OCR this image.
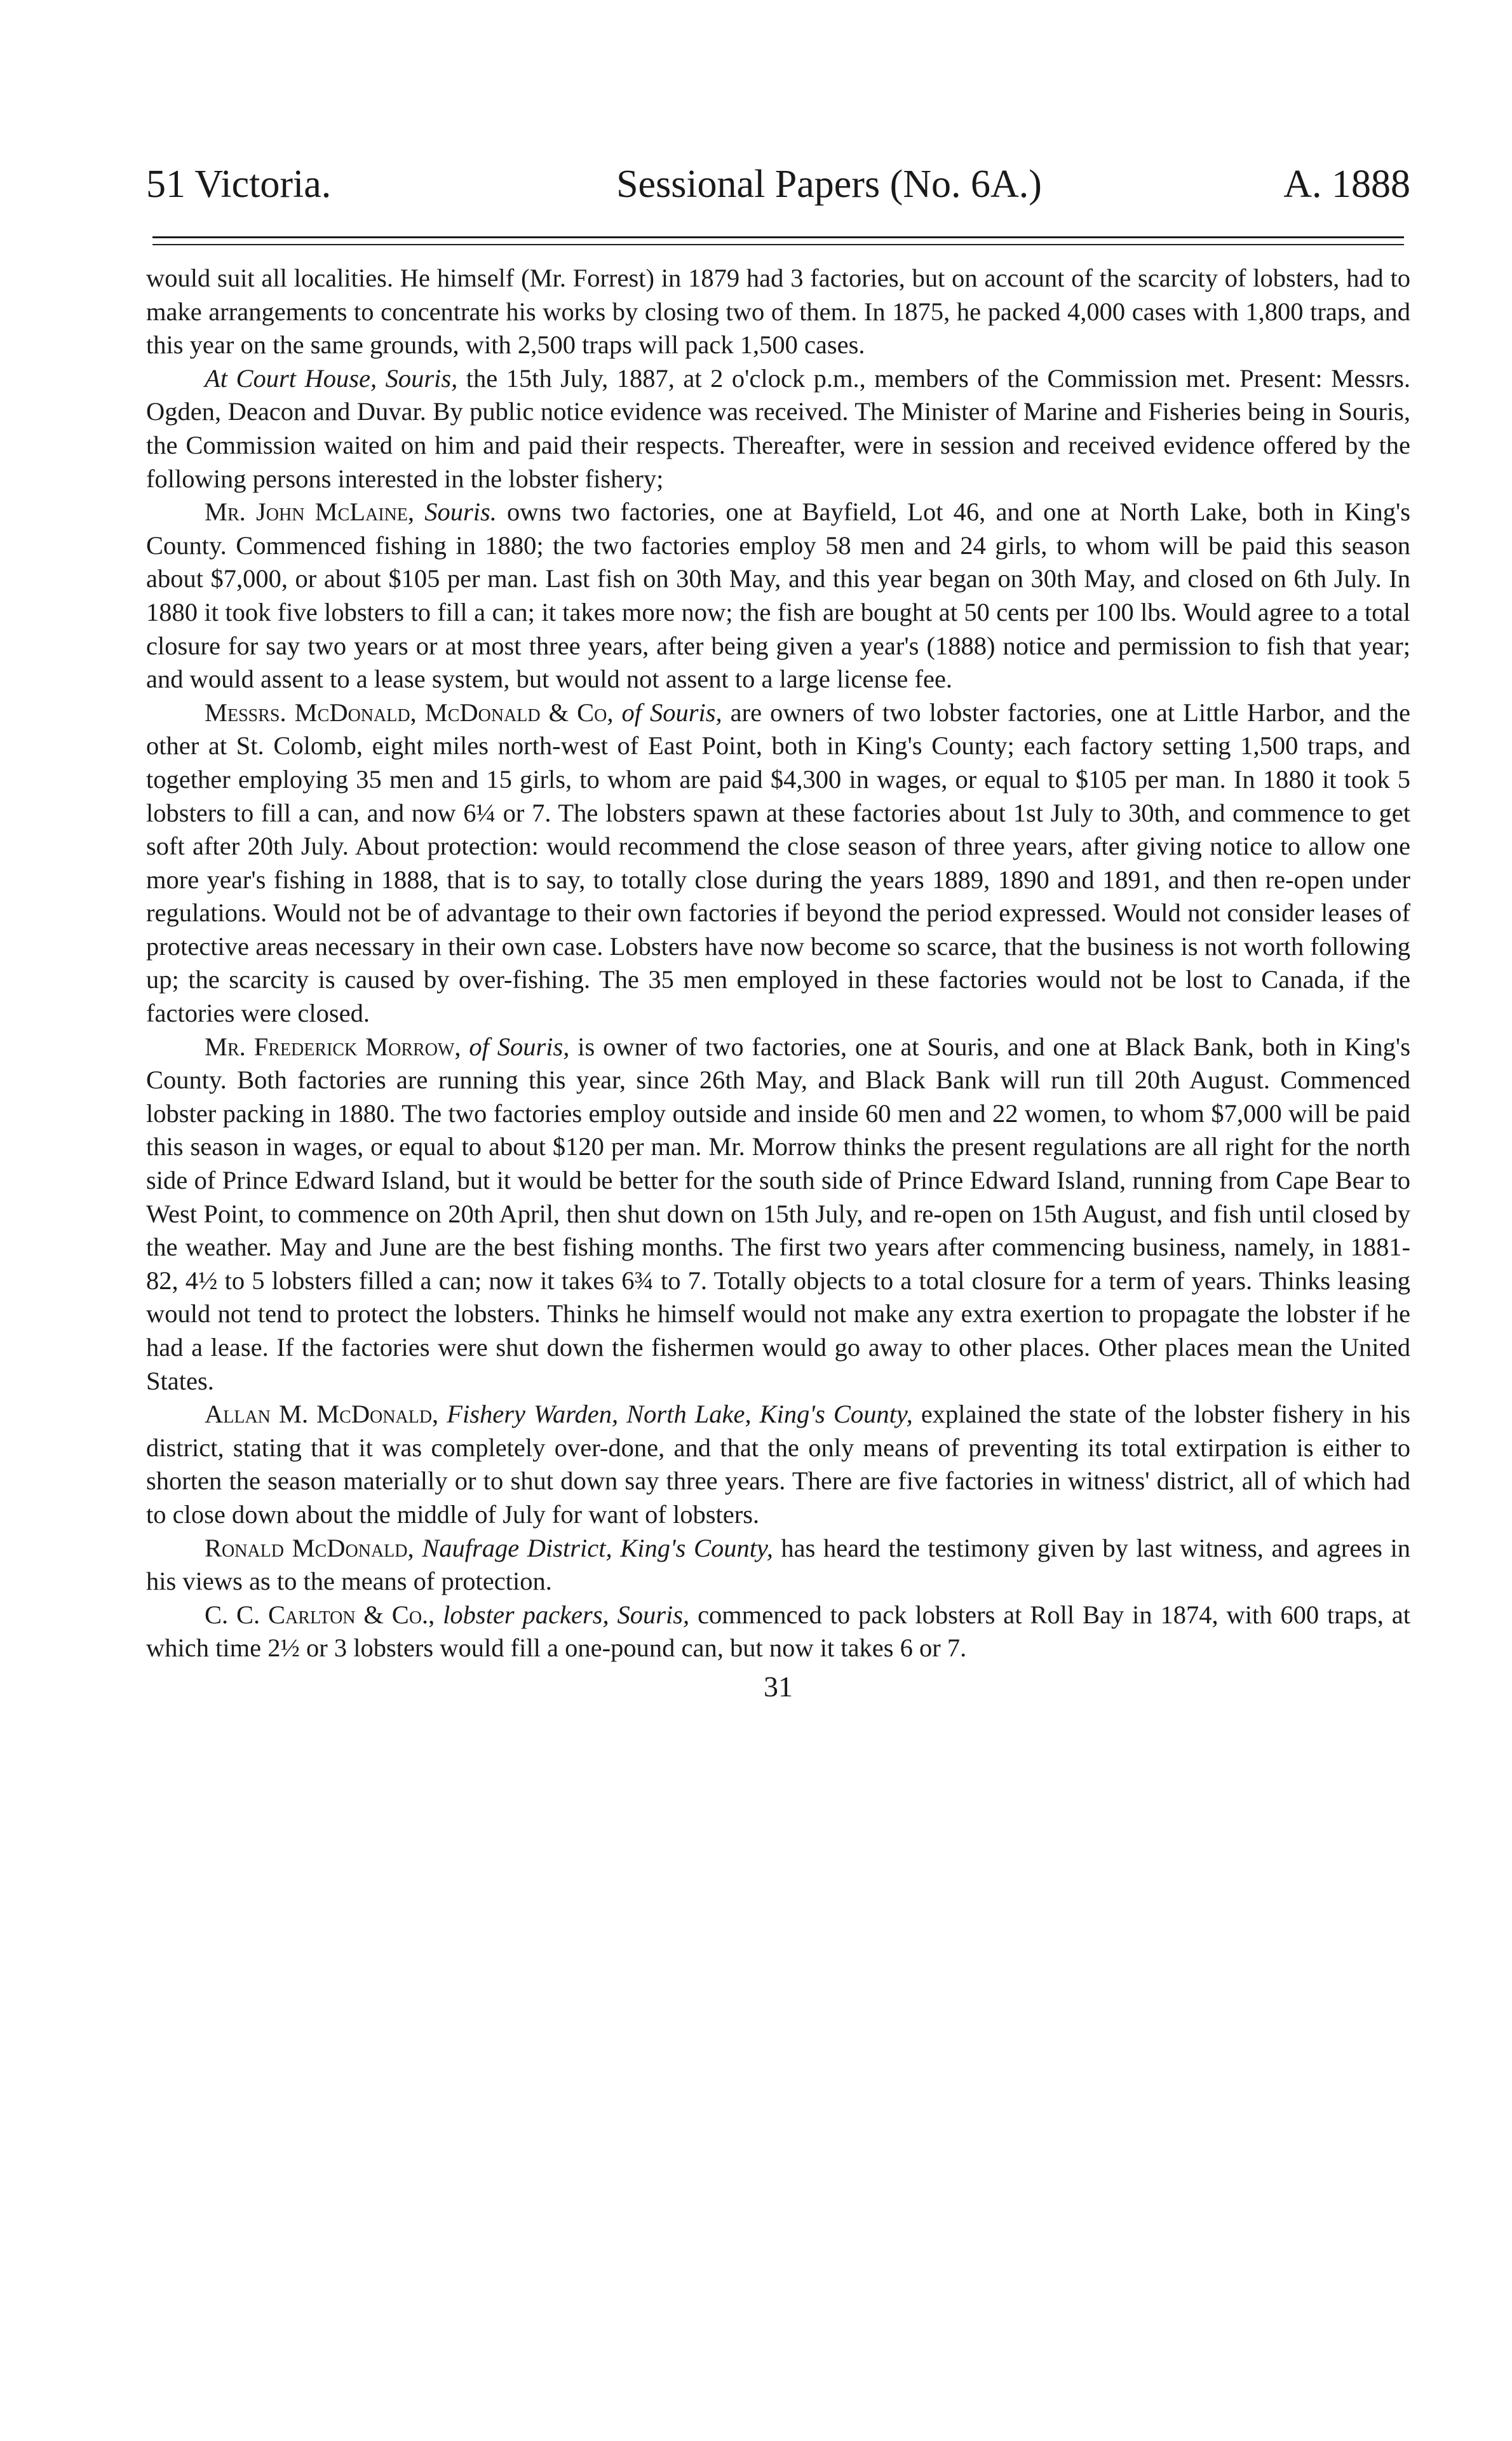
51 Victoria.	Sessional Papers (No. 6A.)	A. 1888

would suit all localities. He himself (Mr. Forrest) in 1879 had 3 factories, but on account of the scarcity of lobsters, had to make arrangements to concentrate his works by closing two of them. In 1875, he packed 4,000 cases with 1,800 traps, and this year on the same grounds, with 2,500 traps will pack 1,500 cases.

At Court House, Souris, the 15th July, 1887, at 2 o'clock p.m., members of the Commission met. Present: Messrs. Ogden, Deacon and Duvar. By public notice evidence was received. The Minister of Marine and Fisheries being in Souris, the Commission waited on him and paid their respects. Thereafter, were in session and received evidence offered by the following persons interested in the lobster fishery;

Mr. John McLaine, Souris. owns two factories, one at Bayfield, Lot 46, and one at North Lake, both in King's County. Commenced fishing in 1880; the two factories employ 58 men and 24 girls, to whom will be paid this season about $7,000, or about $105 per man. Last fish on 30th May, and this year began on 30th May, and closed on 6th July. In 1880 it took five lobsters to fill a can; it takes more now; the fish are bought at 50 cents per 100 lbs. Would agree to a total closure for say two years or at most three years, after being given a year's (1888) notice and permission to fish that year; and would assent to a lease system, but would not assent to a large license fee.

Messrs. McDonald, McDonald & Co, of Souris, are owners of two lobster factories, one at Little Harbor, and the other at St. Colomb, eight miles north-west of East Point, both in King's County; each factory setting 1,500 traps, and together employing 35 men and 15 girls, to whom are paid $4,300 in wages, or equal to $105 per man. In 1880 it took 5 lobsters to fill a can, and now 6¼ or 7. The lobsters spawn at these factories about 1st July to 30th, and commence to get soft after 20th July. About protection: would recommend the close season of three years, after giving notice to allow one more year's fishing in 1888, that is to say, to totally close during the years 1889, 1890 and 1891, and then re-open under regulations. Would not be of advantage to their own factories if beyond the period expressed. Would not consider leases of protective areas necessary in their own case. Lobsters have now become so scarce, that the business is not worth following up; the scarcity is caused by over-fishing. The 35 men employed in these factories would not be lost to Canada, if the factories were closed.

Mr. Frederick Morrow, of Souris, is owner of two factories, one at Souris, and one at Black Bank, both in King's County. Both factories are running this year, since 26th May, and Black Bank will run till 20th August. Commenced lobster packing in 1880. The two factories employ outside and inside 60 men and 22 women, to whom $7,000 will be paid this season in wages, or equal to about $120 per man. Mr. Morrow thinks the present regulations are all right for the north side of Prince Edward Island, but it would be better for the south side of Prince Edward Island, running from Cape Bear to West Point, to commence on 20th April, then shut down on 15th July, and re-open on 15th August, and fish until closed by the weather. May and June are the best fishing months. The first two years after commencing business, namely, in 1881-82, 4½ to 5 lobsters filled a can; now it takes 6¾ to 7. Totally objects to a total closure for a term of years. Thinks leasing would not tend to protect the lobsters. Thinks he himself would not make any extra exertion to propagate the lobster if he had a lease. If the factories were shut down the fishermen would go away to other places. Other places mean the United States.

Allan M. McDonald, Fishery Warden, North Lake, King's County, explained the state of the lobster fishery in his district, stating that it was completely over-done, and that the only means of preventing its total extirpation is either to shorten the season materially or to shut down say three years. There are five factories in witness' district, all of which had to close down about the middle of July for want of lobsters.

Ronald McDonald, Naufrage District, King's County, has heard the testimony given by last witness, and agrees in his views as to the means of protection.

C. C. Carlton & Co., lobster packers, Souris, commenced to pack lobsters at Roll Bay in 1874, with 600 traps, at which time 2½ or 3 lobsters would fill a one-pound can, but now it takes 6 or 7.

31
